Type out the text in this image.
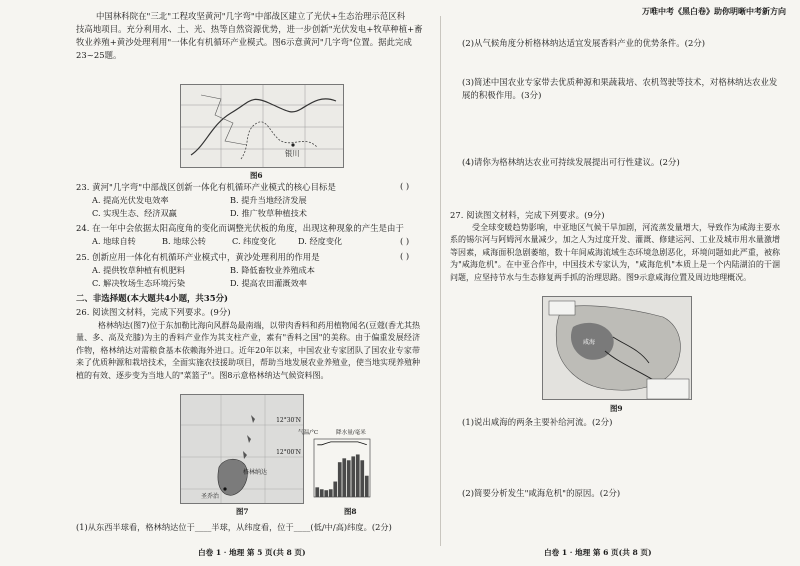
万唯中考《黑白卷》助你明晰中考新方向
中国林科院在"三北"工程攻坚黄河"几字弯"中部战区建立了光伏+生态治理示范区科
技高地项目。充分利用水、土、光、热等自然资源优势，进一步创新"光伏发电+牧草种植+畜
牧业养殖+黄沙处理利用"一体化有机循环产业模式。图6示意黄河"几字弯"位置。据此完成
23~25题。
银川
图6
23. 黄河"几字弯"中部战区创新一体化有机循环产业模式的核心目标是	( )
A. 提高光伏发电效率	B. 提升当地经济发展
C. 实现生态、经济双赢	D. 推广牧草种植技术
24. 在一年中会依据太阳高度角的变化而调整光伏板的角度，出现这种现象的产生是由于
( )
A. 地球自转	B. 地球公转	C. 纬度变化	D. 经度变化
25. 创新应用一体化有机循环产业模式中，黄沙处理利用的作用是	( )
A. 提供牧草种植有机肥料	B. 降低畜牧业养殖成本
C. 解决牧场生态环境污染	D. 提高农田灌溉效率
二、非选择题(本大题共4小题，共35分)
26. 阅读图文材料，完成下列要求。(9分)
格林纳达(图7)位于东加勒比海向风群岛最南端，以带肉香料和药用植物闻名(豆蔻(香尤其热量、多、高及充膝)为主的香料产业作为其支柱产业，素有"香料之国"的美称。由于偏重发展经济作物，格林纳达对需粮食基本依赖海外进口。近年20年以来，中国农业专家团队了国农业专家带来了优质种源和栽培技术，全面实施农技援助项目，帮助当地发展农业养殖业，使当地实现养殖种植的有效、逐步变为当地人的"菜篮子"。图8示意格林纳达气候资料图。
12°30′N
12°00′N
格林纳达
圣乔治
图7
气温/°C	降水量/毫米
图8
(1)从东西半球看，格林纳达位于____半球，从纬度看，位于____(低/中/高)纬度。(2分)
白卷 1 · 地理 第 5 页(共 8 页)
(2)从气候角度分析格林纳达适宜发展香料产业的优势条件。(2分)
(3)简述中国农业专家带去优质种源和果蔬栽培、农机驾驶等技术，对格林纳达农业发
展的积极作用。(3分)
(4)请你为格林纳达农业可持续发展提出可行性建议。(2分)
27. 阅读图文材料，完成下列要求。(9分)
受全球变暖趋势影响，中亚地区气候干旱加剧，河流蒸发量增大，导致作为咸海主要水系的锡尔河与阿姆河水量减少，加之人为过度开发、灌溉、修建运河、工业及城市用水量激增等因素，咸海面积急剧萎缩，数十年间咸海流域生态环境急剧恶化，环境问题如此严重，被称为"咸海危机"。在中亚合作中，中国技术专家认为，"咸海危机"本质上是一个内陆湖泊的干涸问题，应坚持节水与生态修复两手抓的治理思路。图9示意咸海位置及周边地理概况。
咸海
图9
(1)说出咸海的两条主要补给河流。(2分)
(2)简要分析发生"咸海危机"的原因。(2分)
白卷 1 · 地理 第 6 页(共 8 页)
